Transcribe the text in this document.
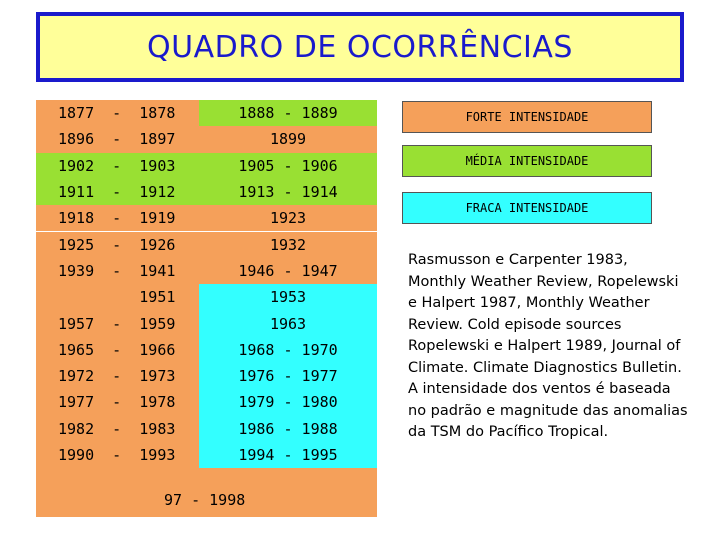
QUADRO DE OCORRÊNCIAS
1877  -  1878	1888 - 1889
1896  -  1897	1899
1902  -  1903	1905 - 1906
1911  -  1912	1913 - 1914
1918  -  1919	1923
1925  -  1926	1932
1939  -  1941	1946 - 1947
1951	1953
1957  -  1959	1963
1965  -  1966	1968 - 1970
1972  -  1973	1976 - 1977
1977  -  1978	1979 - 1980
1982  -  1983	1986 - 1988
1990  -  1993	1994 - 1995
97 - 1998
FORTE INTENSIDADE
MÉDIA INTENSIDADE
FRACA INTENSIDADE
Rasmusson e Carpenter 1983, Monthly Weather Review, Ropelewski e Halpert 1987, Monthly Weather Review. Cold episode sources Ropelewski e Halpert 1989, Journal of Climate. Climate Diagnostics Bulletin. A intensidade dos ventos é baseada no padrão e magnitude das anomalias da TSM do Pacífico Tropical.
